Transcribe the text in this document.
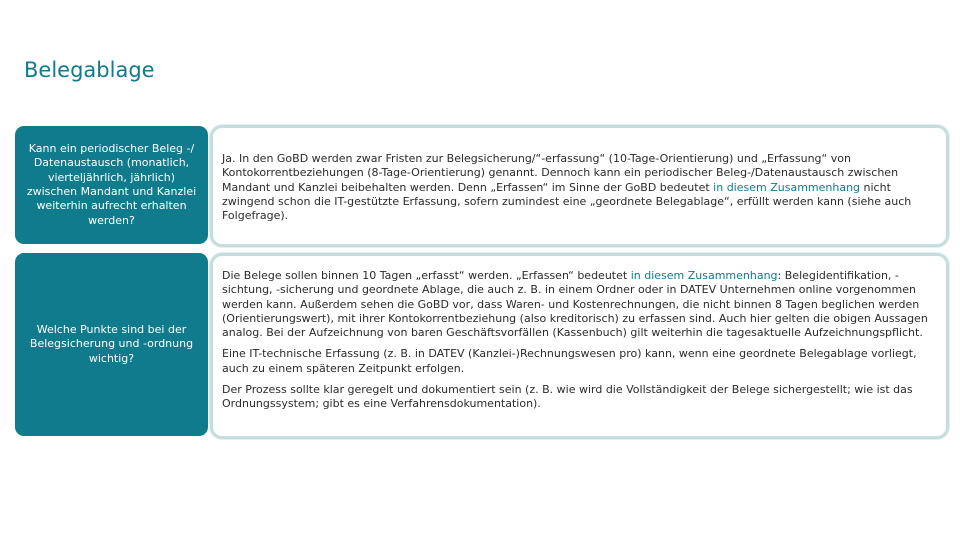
Belegablage
Kann ein periodischer Beleg -/ Datenaustausch (monatlich, vierteljährlich, jährlich) zwischen Mandant und Kanzlei weiterhin aufrecht erhalten werden?

Ja. In den GoBD werden zwar Fristen zur Belegsicherung/“-erfassung“ (10-Tage-Orientierung) und „Erfassung“ von Kontokorrentbeziehungen (8-Tage-Orientierung) genannt. Dennoch kann ein periodischer Beleg-/Datenaustausch zwischen Mandant und Kanzlei beibehalten werden. Denn „Erfassen“ im Sinne der GoBD bedeutet in diesem Zusammenhang nicht zwingend schon die IT-gestützte Erfassung, sofern zumindest eine „geordnete Belegablage“, erfüllt werden kann (siehe auch Folgefrage).

Welche Punkte sind bei der Belegsicherung und -ordnung wichtig?

Die Belege sollen binnen 10 Tagen „erfasst“ werden. „Erfassen“ bedeutet in diesem Zusammenhang: Belegidentifikation, -sichtung, -sicherung und geordnete Ablage, die auch z. B. in einem Ordner oder in DATEV Unternehmen online vorgenommen werden kann. Außerdem sehen die GoBD vor, dass Waren- und Kostenrechnungen, die nicht binnen 8 Tagen beglichen werden (Orientierungswert), mit ihrer Kontokorrentbeziehung (also kreditorisch) zu erfassen sind. Auch hier gelten die obigen Aussagen analog. Bei der Aufzeichnung von baren Geschäftsvorfällen (Kassenbuch) gilt weiterhin die tagesaktuelle Aufzeichnungspflicht.

Eine IT-technische Erfassung (z. B. in DATEV (Kanzlei-)Rechnungswesen pro) kann, wenn eine geordnete Belegablage vorliegt, auch zu einem späteren Zeitpunkt erfolgen.

Der Prozess sollte klar geregelt und dokumentiert sein (z. B. wie wird die Vollständigkeit der Belege sichergestellt; wie ist das Ordnungssystem; gibt es eine Verfahrensdokumentation).
